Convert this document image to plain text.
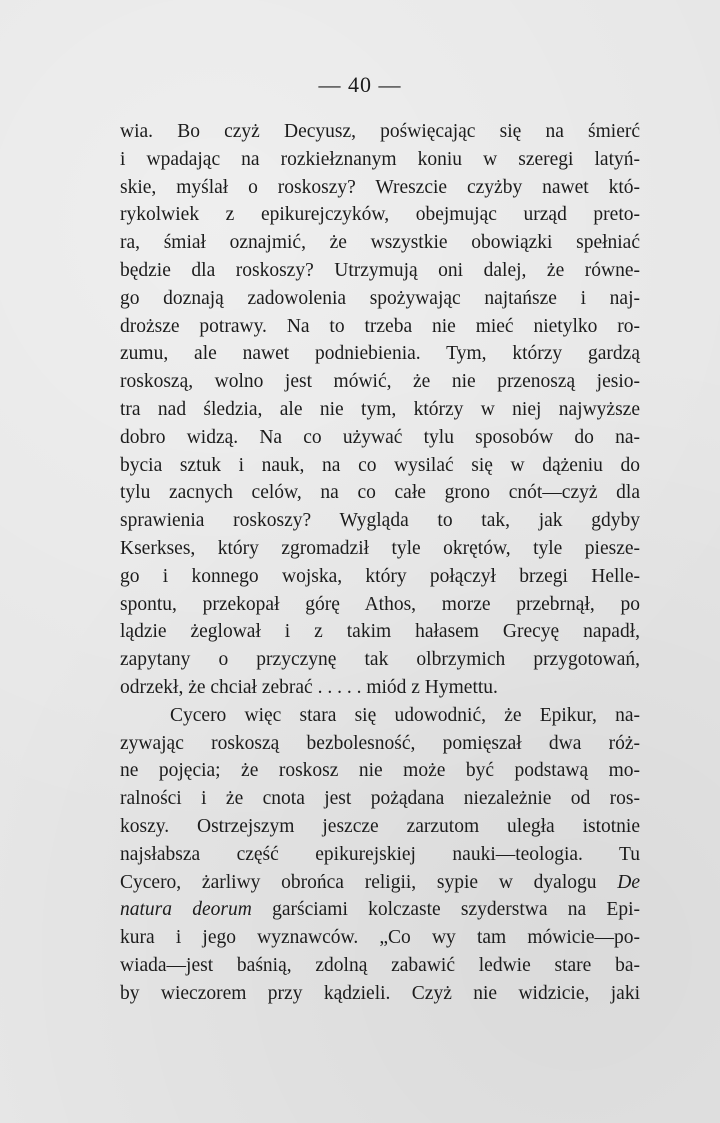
— 40 —
wia. Bo czyż Decyusz, poświęcając się na śmierć
i wpadając na rozkiełznanym koniu w szeregi latyń-
skie, myślał o roskoszy? Wreszcie czyżby nawet któ-
rykolwiek z epikurejczyków, obejmując urząd preto-
ra, śmiał oznajmić, że wszystkie obowiązki spełniać
będzie dla roskoszy? Utrzymują oni dalej, że równe-
go doznają zadowolenia spożywając najtańsze i naj-
droższe potrawy. Na to trzeba nie mieć nietylko ro-
zumu, ale nawet podniebienia. Tym, którzy gardzą
roskoszą, wolno jest mówić, że nie przenoszą jesio-
tra nad śledzia, ale nie tym, którzy w niej najwyższe
dobro widzą. Na co używać tylu sposobów do na-
bycia sztuk i nauk, na co wysilać się w dążeniu do
tylu zacnych celów, na co całe grono cnót—czyż dla
sprawienia roskoszy? Wygląda to tak, jak gdyby
Kserkses, który zgromadził tyle okrętów, tyle piesze-
go i konnego wojska, który połączył brzegi Helle-
spontu, przekopał górę Athos, morze przebrnął, po
lądzie żeglował i z takim hałasem Grecyę napadł,
zapytany o przyczynę tak olbrzymich przygotowań,
odrzekł, że chciał zebrać . . . . . miód z Hymettu.
Cycero więc stara się udowodnić, że Epikur, na-
zywając roskoszą bezbolesność, pomięszał dwa róż-
ne pojęcia; że roskosz nie może być podstawą mo-
ralności i że cnota jest pożądana niezależnie od ros-
koszy. Ostrzejszym jeszcze zarzutom uległa istotnie
najsłabsza część epikurejskiej nauki—teologia. Tu
Cycero, żarliwy obrońca religii, sypie w dyalogu De
natura deorum garściami kolczaste szyderstwa na Epi-
kura i jego wyznawców. „Co wy tam mówicie—po-
wiada—jest baśnią, zdolną zabawić ledwie stare ba-
by wieczorem przy kądzieli. Czyż nie widzicie, jaki
